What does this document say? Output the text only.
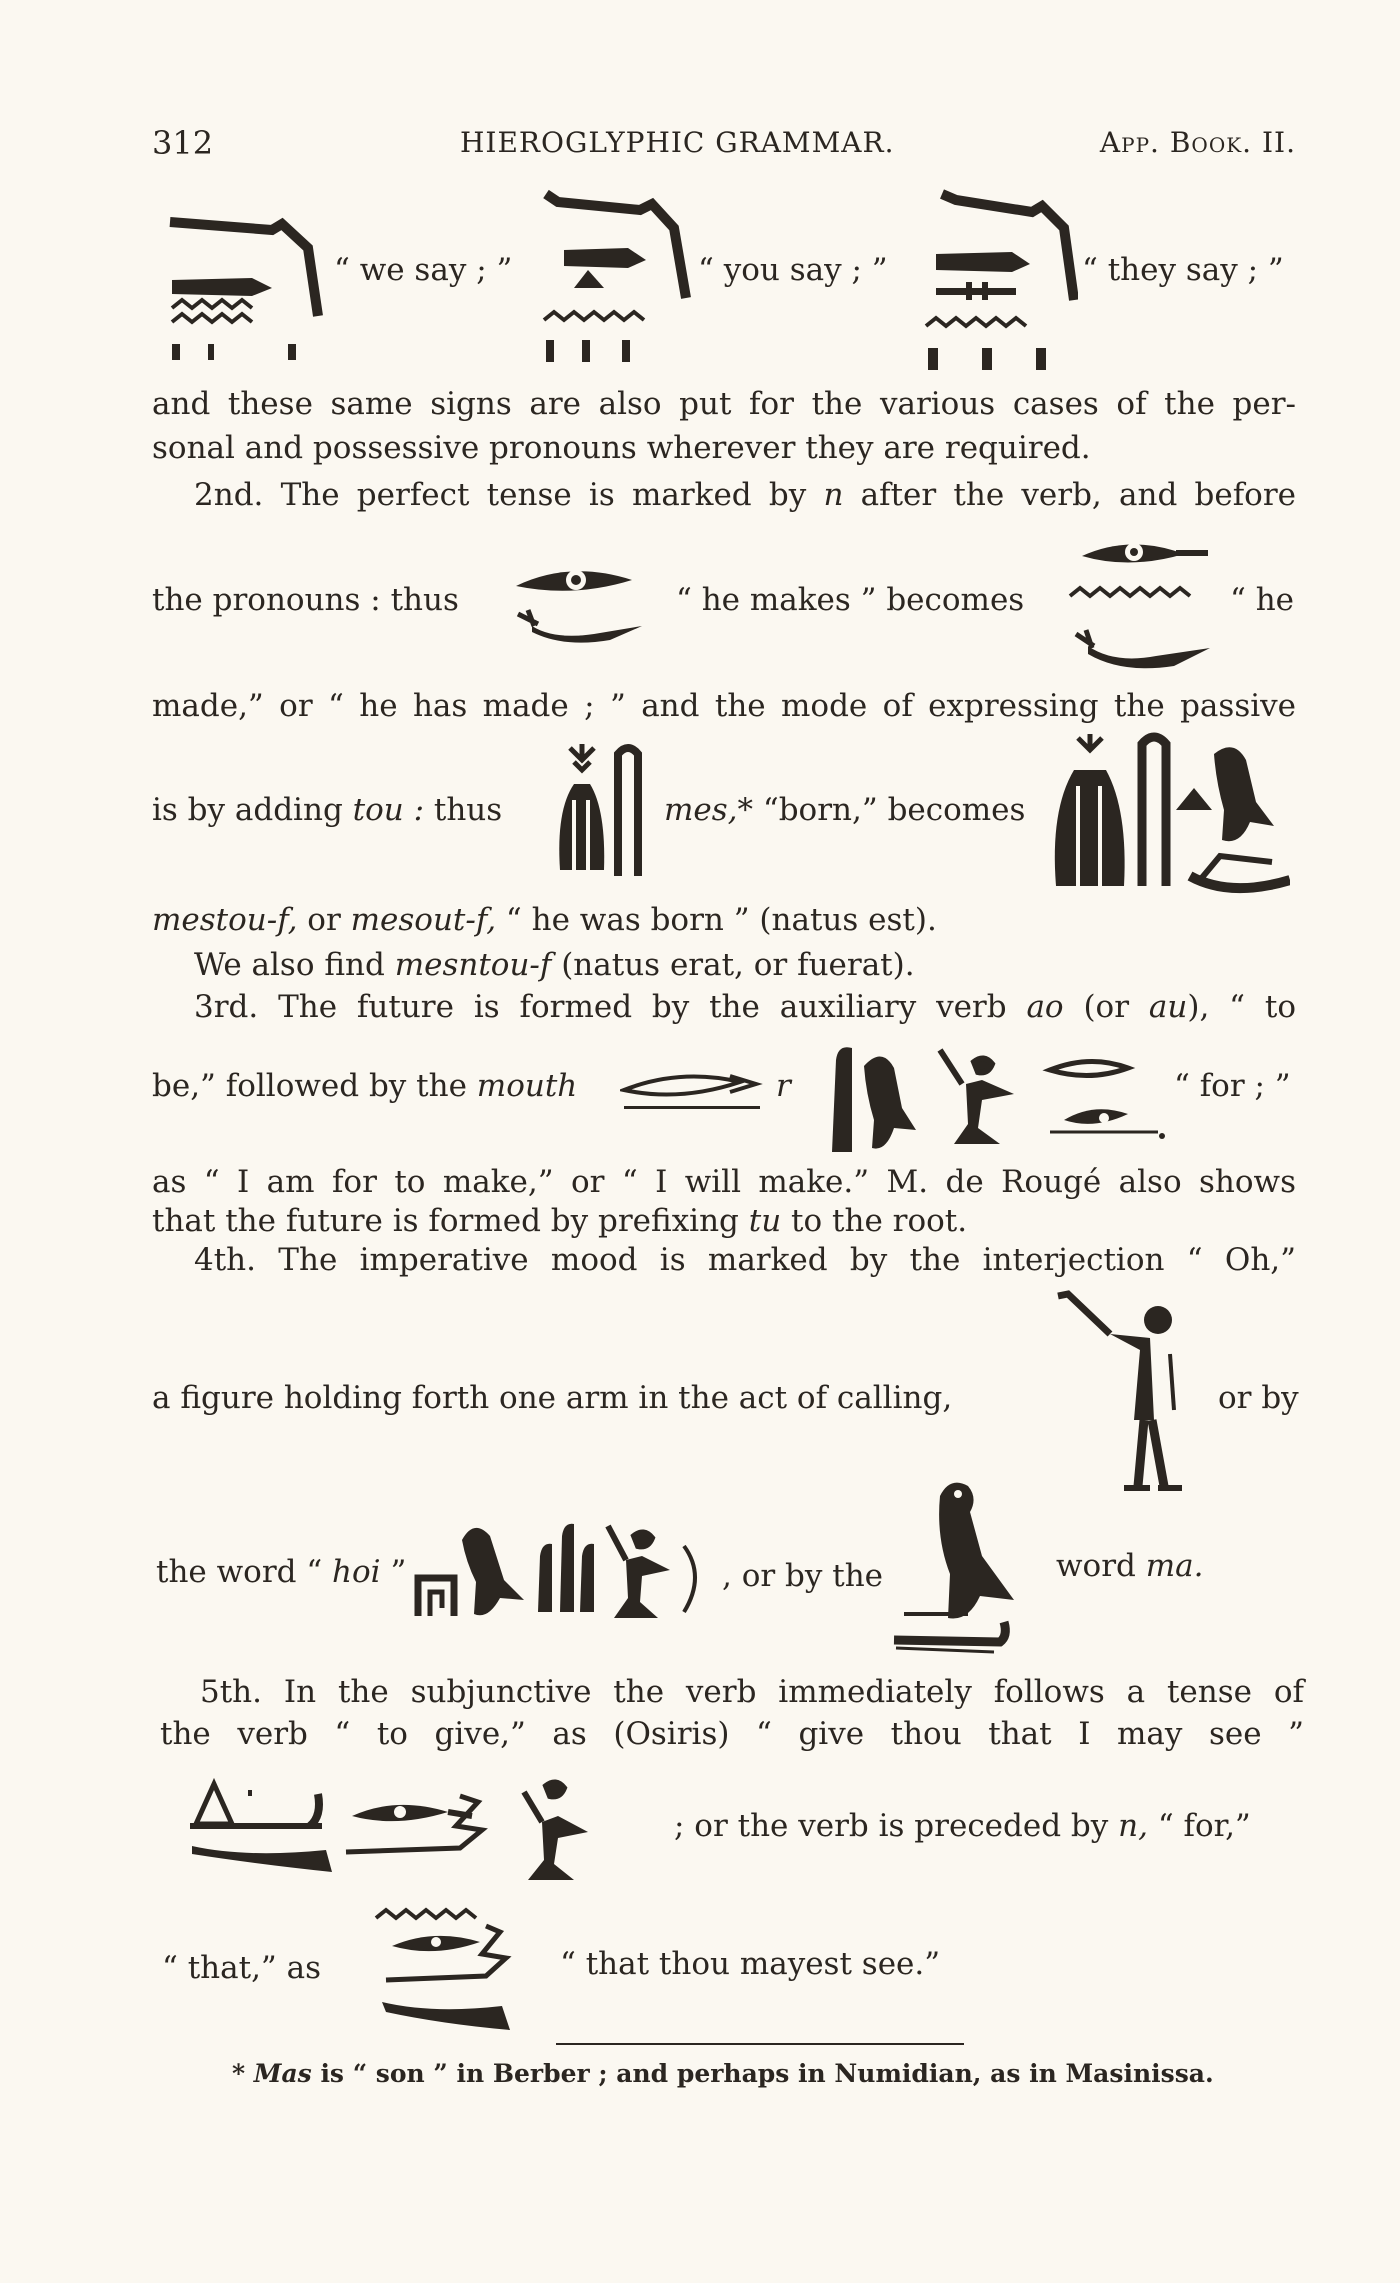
312	HIEROGLYPHIC GRAMMAR.	App. Book. II.
“ we say ; ”	“ you say ; ”	“ they say ; ”
and these same signs are also put for the various cases of the per-
sonal and possessive pronouns wherever they are required.
2nd. The perfect tense is marked by n after the verb, and before
the pronouns : thus	“ he makes ” becomes	“ he
made,” or “ he has made ; ” and the mode of expressing the passive
is by adding tou : thus	mes,* “born,” becomes
mestou-f, or mesout-f, “ he was born ” (natus est).
We also find mesntou-f (natus erat, or fuerat).
3rd. The future is formed by the auxiliary verb ao (or au), “ to
be,” followed by the mouth	r	“ for ; ”
as “ I am for to make,” or “ I will make.” M. de Rougé also shows
that the future is formed by prefixing tu to the root.
4th. The imperative mood is marked by the interjection “ Oh,”
a figure holding forth one arm in the act of calling,	or by
the word “ hoi ”	, or by the	word ma.
5th. In the subjunctive the verb immediately follows a tense of
the verb “ to give,” as (Osiris) “ give thou that I may see ”
; or the verb is preceded by n, “ for,”
“ that,” as	“ that thou mayest see.”
* Mas is “ son ” in Berber ; and perhaps in Numidian, as in Masinissa.
